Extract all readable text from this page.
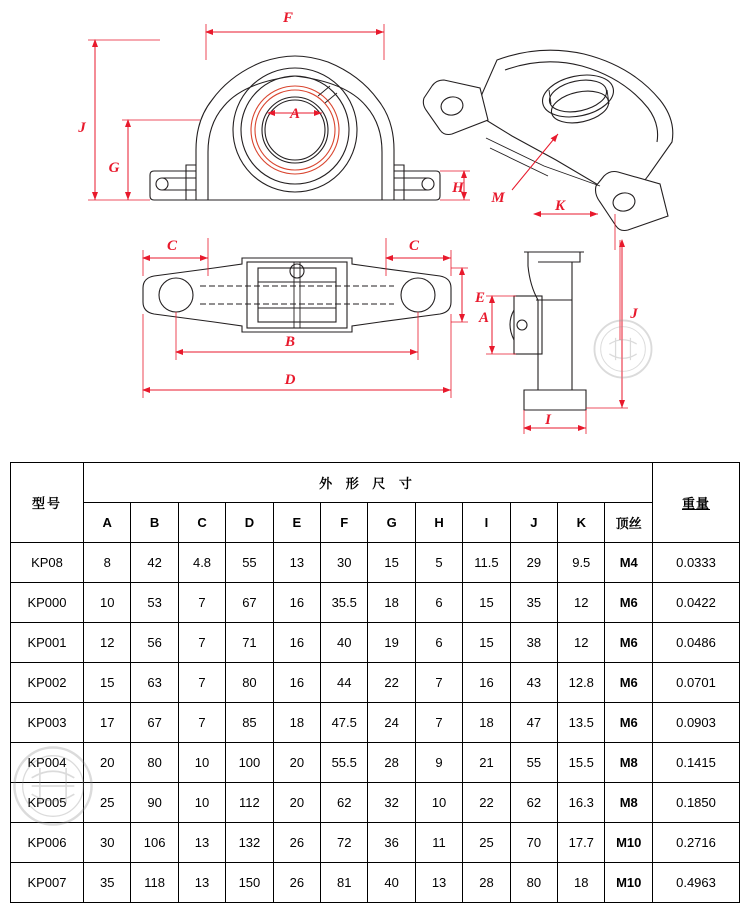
F
A
J
G
H
M	K
C	C
E
B
D
A	J
I
型号	外 形 尺 寸												重量
	A	B	C	D	E	F	G	H	I	J	K	顶丝	
KP08	8	42	4.8	55	13	30	15	5	11.5	29	9.5	M4	0.0333
KP000	10	53	7	67	16	35.5	18	6	15	35	12	M6	0.0422
KP001	12	56	7	71	16	40	19	6	15	38	12	M6	0.0486
KP002	15	63	7	80	16	44	22	7	16	43	12.8	M6	0.0701
KP003	17	67	7	85	18	47.5	24	7	18	47	13.5	M6	0.0903
KP004	20	80	10	100	20	55.5	28	9	21	55	15.5	M8	0.1415
KP005	25	90	10	112	20	62	32	10	22	62	16.3	M8	0.1850
KP006	30	106	13	132	26	72	36	11	25	70	17.7	M10	0.2716
KP007	35	118	13	150	26	81	40	13	28	80	18	M10	0.4963
